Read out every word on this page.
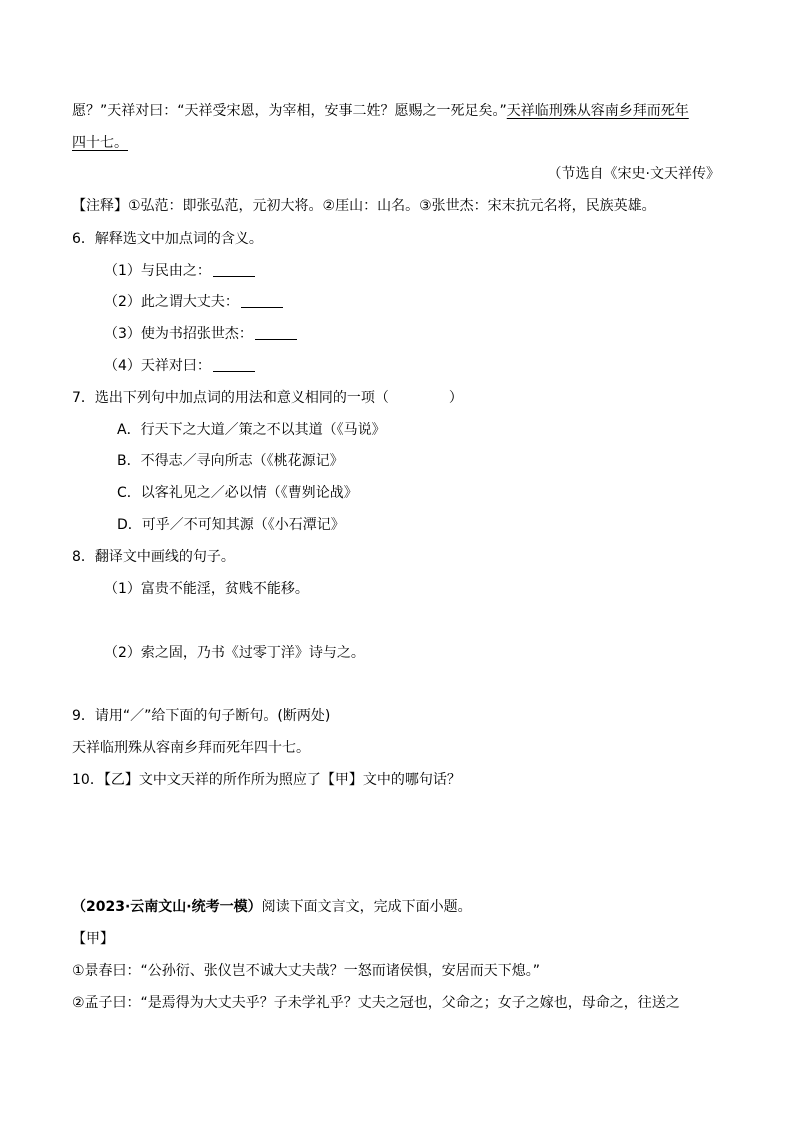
愿？”天祥对曰：“天祥受宋恩，为宰相，安事二姓？愿赐之一死足矣。”天祥临刑殊从容南乡拜而死年
四十七。
（节选自《宋史·文天祥传》
【注释】①弘范：即张弘范，元初大将。②厓山：山名。③张世杰：宋末抗元名将，民族英雄。
6．解释选文中加点词的含义。
（1）与民由之：
（2）此之谓大丈夫：
（3）使为书招张世杰：
（4）天祥对曰：
7．选出下列句中加点词的用法和意义相同的一项（	）
A．行天下之大道／策之不以其道（《马说》
B．不得志／寻向所志（《桃花源记》
C．以客礼见之／必以情（《曹刿论战》
D．可乎／不可知其源（《小石潭记》
8．翻译文中画线的句子。
（1）富贵不能淫，贫贱不能移。
（2）索之固，乃书《过零丁洋》诗与之。
9．请用“／”给下面的句子断句。(断两处)
天祥临刑殊从容南乡拜而死年四十七。
10．【乙】文中文天祥的所作所为照应了【甲】文中的哪句话？
（2023·云南文山·统考一模）阅读下面文言文，完成下面小题。
【甲】
①景春曰：“公孙衍、张仪岂不诚大丈夫哉？一怒而诸侯惧，安居而天下熄。”
②孟子曰：“是焉得为大丈夫乎？子未学礼乎？丈夫之冠也，父命之；女子之嫁也，母命之，往送之
